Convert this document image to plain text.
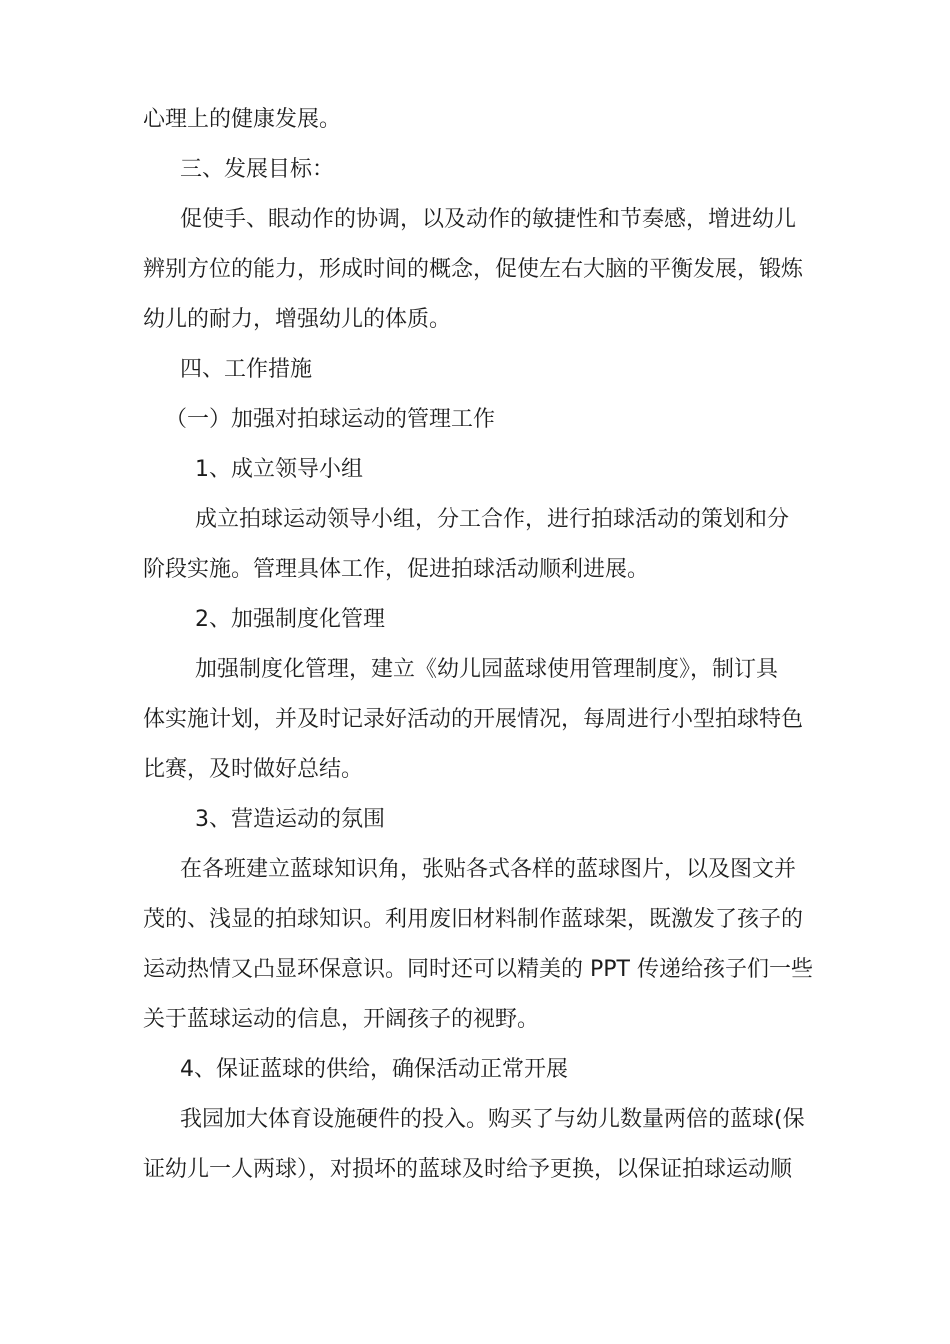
心理上的健康发展。

三、发展目标：

促使手、眼动作的协调，以及动作的敏捷性和节奏感，增进幼儿

辨别方位的能力，形成时间的概念，促使左右大脑的平衡发展，锻炼

幼儿的耐力，增强幼儿的体质。

四、工作措施

（一）加强对拍球运动的管理工作

1、成立领导小组

成立拍球运动领导小组，分工合作，进行拍球活动的策划和分

阶段实施。管理具体工作，促进拍球活动顺利进展。

2、加强制度化管理

加强制度化管理，建立《幼儿园蓝球使用管理制度》，制订具

体实施计划，并及时记录好活动的开展情况，每周进行小型拍球特色

比赛，及时做好总结。

3、营造运动的氛围

在各班建立蓝球知识角，张贴各式各样的蓝球图片，以及图文并

茂的、浅显的拍球知识。利用废旧材料制作蓝球架，既激发了孩子的

运动热情又凸显环保意识。同时还可以精美的 PPT 传递给孩子们一些

关于蓝球运动的信息，开阔孩子的视野。

4、保证蓝球的供给，确保活动正常开展

我园加大体育设施硬件的投入。购买了与幼儿数量两倍的蓝球(保

证幼儿一人两球），对损坏的蓝球及时给予更换，以保证拍球运动顺
